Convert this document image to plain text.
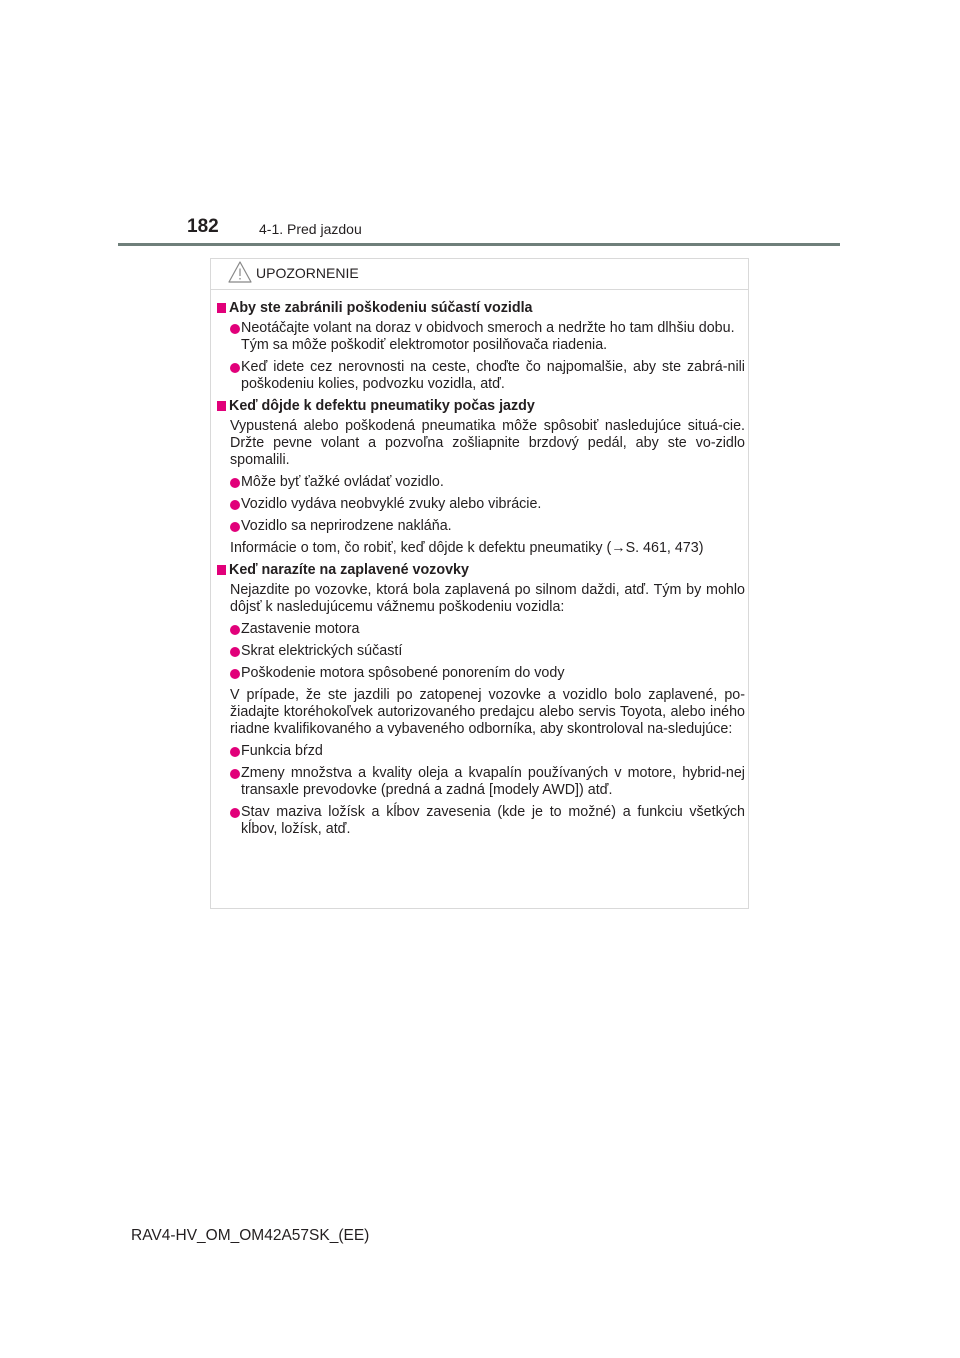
182	4-1. Pred jazdou
UPOZORNENIE
Aby ste zabránili poškodeniu súčastí vozidla
Neotáčajte volant na doraz v obidvoch smeroch a nedržte ho tam dlhšiu dobu.
Tým sa môže poškodiť elektromotor posilňovača riadenia.
Keď idete cez nerovnosti na ceste, choďte čo najpomalšie, aby ste zabrá-nili poškodeniu kolies, podvozku vozidla, atď.
Keď dôjde k defektu pneumatiky počas jazdy
Vypustená alebo poškodená pneumatika môže spôsobiť nasledujúce situá-cie. Držte pevne volant a pozvoľna zošliapnite brzdový pedál, aby ste vo-zidlo spomalili.
Môže byť ťažké ovládať vozidlo.
Vozidlo vydáva neobvyklé zvuky alebo vibrácie.
Vozidlo sa neprirodzene nakláňa.
Informácie o tom, čo robiť, keď dôjde k defektu pneumatiky (→S. 461, 473)
Keď narazíte na zaplavené vozovky
Nejazdite po vozovke, ktorá bola zaplavená po silnom daždi, atď. Tým by mohlo dôjsť k nasledujúcemu vážnemu poškodeniu vozidla:
Zastavenie motora
Skrat elektrických súčastí
Poškodenie motora spôsobené ponorením do vody
V prípade, že ste jazdili po zatopenej vozovke a vozidlo bolo zaplavené, po-žiadajte ktoréhokoľvek autorizovaného predajcu alebo servis Toyota, alebo iného riadne kvalifikovaného a vybaveného odborníka, aby skontroloval na-sledujúce:
Funkcia bŕzd
Zmeny množstva a kvality oleja a kvapalín používaných v motore, hybrid-nej transaxle prevodovke (predná a zadná [modely AWD]) atď.
Stav maziva ložísk a kĺbov zavesenia (kde je to možné) a funkciu všetkých kĺbov, ložísk, atď.
RAV4-HV_OM_OM42A57SK_(EE)
